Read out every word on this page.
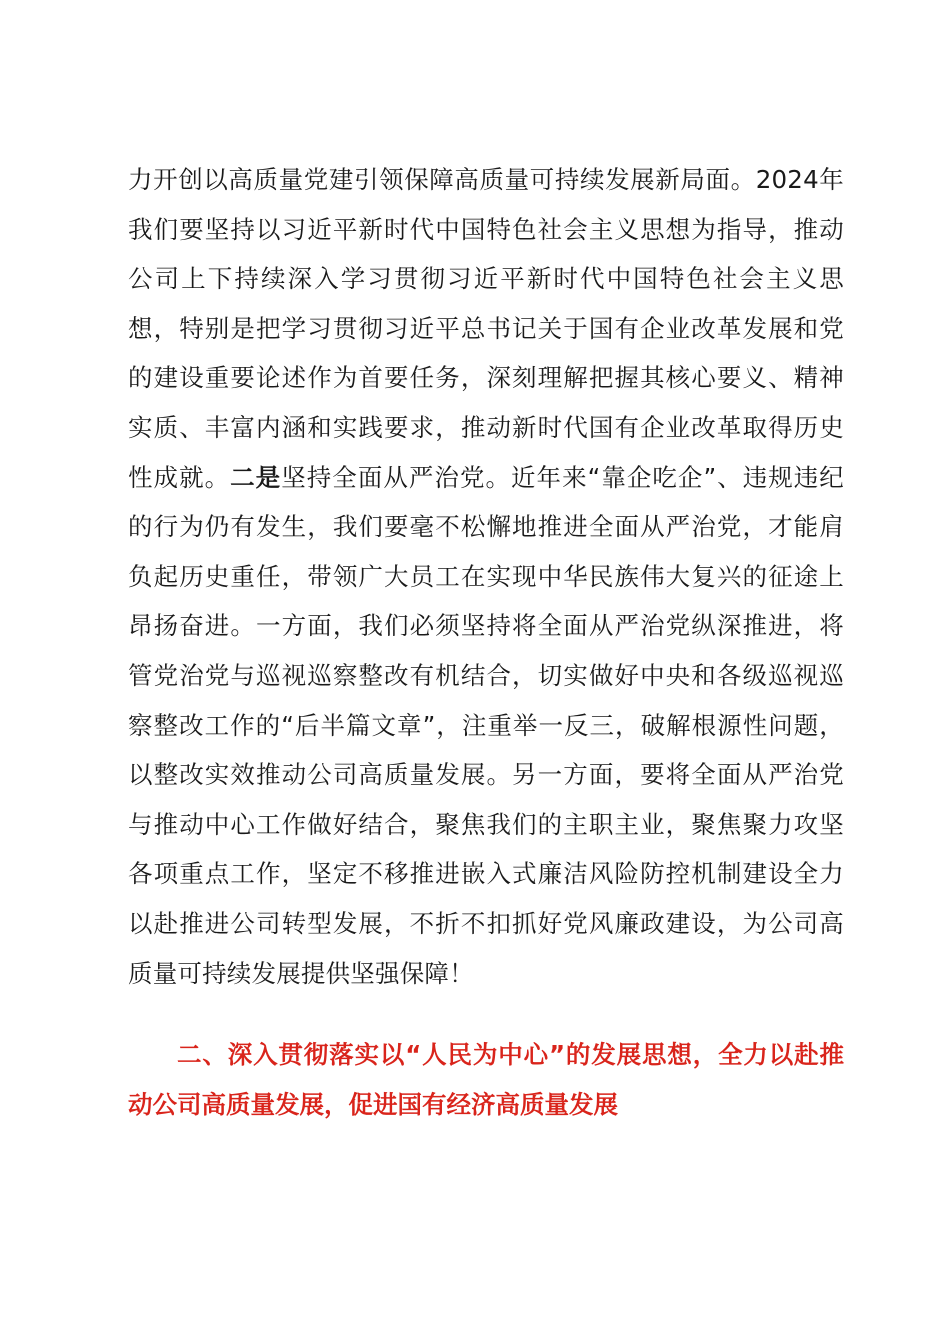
力开创以高质量党建引领保障高质量可持续发展新局面。2024年我们要坚持以习近平新时代中国特色社会主义思想为指导，推动公司上下持续深入学习贯彻习近平新时代中国特色社会主义思想，特别是把学习贯彻习近平总书记关于国有企业改革发展和党的建设重要论述作为首要任务，深刻理解把握其核心要义、精神实质、丰富内涵和实践要求，推动新时代国有企业改革取得历史性成就。二是坚持全面从严治党。近年来“靠企吃企”、违规违纪的行为仍有发生，我们要毫不松懈地推进全面从严治党，才能肩负起历史重任，带领广大员工在实现中华民族伟大复兴的征途上昂扬奋进。一方面，我们必须坚持将全面从严治党纵深推进，将管党治党与巡视巡察整改有机结合，切实做好中央和各级巡视巡察整改工作的“后半篇文章”，注重举一反三，破解根源性问题，以整改实效推动公司高质量发展。另一方面，要将全面从严治党与推动中心工作做好结合，聚焦我们的主职主业，聚焦聚力攻坚各项重点工作，坚定不移推进嵌入式廉洁风险防控机制建设全力以赴推进公司转型发展，不折不扣抓好党风廉政建设，为公司高质量可持续发展提供坚强保障！

二、深入贯彻落实以“人民为中心”的发展思想，全力以赴推动公司高质量发展，促进国有经济高质量发展
